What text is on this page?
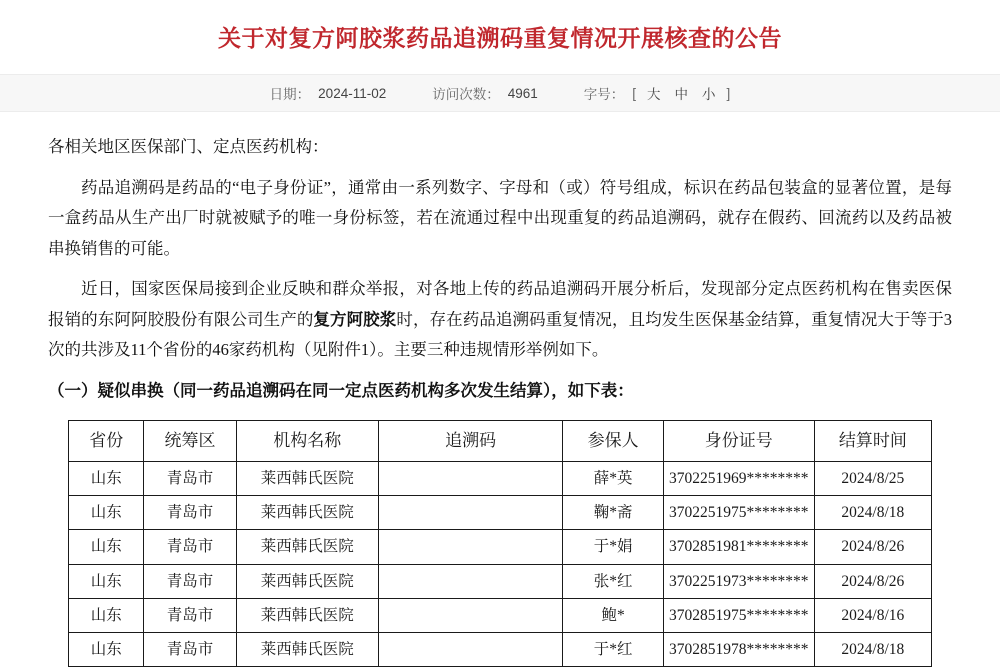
关于对复方阿胶浆药品追溯码重复情况开展核查的公告
日期： 2024-11-02	访问次数： 4961	字号： [ 大 中 小 ]

各相关地区医保部门、定点医药机构：

药品追溯码是药品的“电子身份证”，通常由一系列数字、字母和（或）符号组成，标识在药品包装盒的显著位置，是每一盒药品从生产出厂时就被赋予的唯一身份标签，若在流通过程中出现重复的药品追溯码，就存在假药、回流药以及药品被串换销售的可能。

近日，国家医保局接到企业反映和群众举报，对各地上传的药品追溯码开展分析后，发现部分定点医药机构在售卖医保报销的东阿阿胶股份有限公司生产的复方阿胶浆时，存在药品追溯码重复情况，且均发生医保基金结算，重复情况大于等于3次的共涉及11个省份的46家药机构（见附件1）。主要三种违规情形举例如下。

（一）疑似串换（同一药品追溯码在同一定点医药机构多次发生结算），如下表：

省份	统筹区	机构名称	追溯码	参保人	身份证号	结算时间
山东	青岛市	莱西韩氏医院		薛*英	3702251969********	2024/8/25
山东	青岛市	莱西韩氏医院		鞠*斋	3702251975********	2024/8/18
山东	青岛市	莱西韩氏医院		于*娟	3702851981********	2024/8/26
山东	青岛市	莱西韩氏医院		张*红	3702251973********	2024/8/26
山东	青岛市	莱西韩氏医院		鲍*	3702851975********	2024/8/16
山东	青岛市	莱西韩氏医院		于*红	3702851978********	2024/8/18
